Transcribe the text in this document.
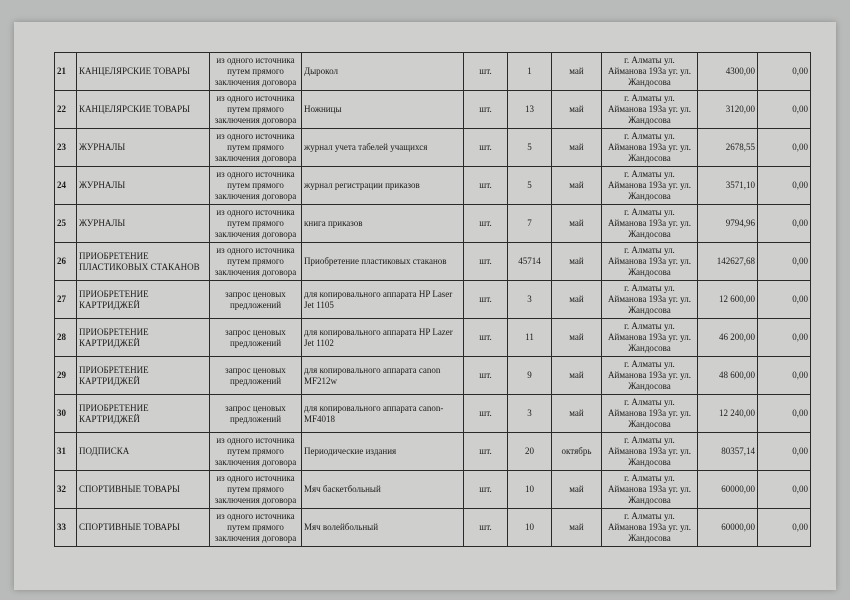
21	КАНЦЕЛЯРСКИЕ ТОВАРЫ	из одного источника путем прямого заключения договора	Дырокол	шт.	1	май	г. Алматы ул. Айманова 193а уг. ул. Жандосова	4300,00	0,00
22	КАНЦЕЛЯРСКИЕ ТОВАРЫ	из одного источника путем прямого заключения договора	Ножницы	шт.	13	май	г. Алматы ул. Айманова 193а уг. ул. Жандосова	3120,00	0,00
23	ЖУРНАЛЫ	из одного источника путем прямого заключения договора	журнал учета табелей учащихся	шт.	5	май	г. Алматы ул. Айманова 193а уг. ул. Жандосова	2678,55	0,00
24	ЖУРНАЛЫ	из одного источника путем прямого заключения договора	журнал регистрации приказов	шт.	5	май	г. Алматы ул. Айманова 193а уг. ул. Жандосова	3571,10	0,00
25	ЖУРНАЛЫ	из одного источника путем прямого заключения договора	книга приказов	шт.	7	май	г. Алматы ул. Айманова 193а уг. ул. Жандосова	9794,96	0,00
26	ПРИОБРЕТЕНИЕ ПЛАСТИКОВЫХ СТАКАНОВ	из одного источника путем прямого заключения договора	Приобретение пластиковых стаканов	шт.	45714	май	г. Алматы ул. Айманова 193а уг. ул. Жандосова	142627,68	0,00
27	ПРИОБРЕТЕНИЕ КАРТРИДЖЕЙ	запрос ценовых предложений	для копировального аппарата HP Laser Jet 1105	шт.	3	май	г. Алматы ул. Айманова 193а уг. ул. Жандосова	12 600,00	0,00
28	ПРИОБРЕТЕНИЕ КАРТРИДЖЕЙ	запрос ценовых предложений	для копировального аппарата HP Lazer Jet 1102	шт.	11	май	г. Алматы ул. Айманова 193а уг. ул. Жандосова	46 200,00	0,00
29	ПРИОБРЕТЕНИЕ КАРТРИДЖЕЙ	запрос ценовых предложений	для копировального аппарата canon MF212w	шт.	9	май	г. Алматы ул. Айманова 193а уг. ул. Жандосова	48 600,00	0,00
30	ПРИОБРЕТЕНИЕ КАРТРИДЖЕЙ	запрос ценовых предложений	для копировального аппарата canon-MF4018	шт.	3	май	г. Алматы ул. Айманова 193а уг. ул. Жандосова	12 240,00	0,00
31	ПОДПИСКА	из одного источника путем прямого заключения договора	Периодические издания	шт.	20	октябрь	г. Алматы ул. Айманова 193а уг. ул. Жандосова	80357,14	0,00
32	СПОРТИВНЫЕ ТОВАРЫ	из одного источника путем прямого заключения договора	Мяч баскетбольный	шт.	10	май	г. Алматы ул. Айманова 193а уг. ул. Жандосова	60000,00	0,00
33	СПОРТИВНЫЕ ТОВАРЫ	из одного источника путем прямого заключения договора	Мяч волейбольный	шт.	10	май	г. Алматы ул. Айманова 193а уг. ул. Жандосова	60000,00	0,00
